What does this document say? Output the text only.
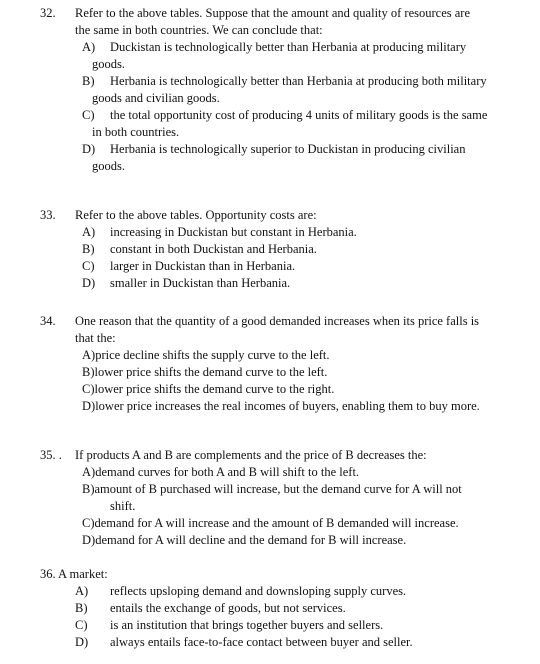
32. Refer to the above tables. Suppose that the amount and quality of resources are
the same in both countries. We can conclude that:
A) Duckistan is technologically better than Herbania at producing military
goods.
B) Herbania is technologically better than Herbania at producing both military
goods and civilian goods.
C) the total opportunity cost of producing 4 units of military goods is the same
in both countries.
D) Herbania is technologically superior to Duckistan in producing civilian
goods.
33. Refer to the above tables. Opportunity costs are:
A) increasing in Duckistan but constant in Herbania.
B) constant in both Duckistan and Herbania.
C) larger in Duckistan than in Herbania.
D) smaller in Duckistan than Herbania.
34. One reason that the quantity of a good demanded increases when its price falls is
that the:
A)price decline shifts the supply curve to the left.
B)lower price shifts the demand curve to the left.
C)lower price shifts the demand curve to the right.
D)lower price increases the real incomes of buyers, enabling them to buy more.
35. . If products A and B are complements and the price of B decreases the:
A)demand curves for both A and B will shift to the left.
B)amount of B purchased will increase, but the demand curve for A will not
shift.
C)demand for A will increase and the amount of B demanded will increase.
D)demand for A will decline and the demand for B will increase.
36. A market:
A) reflects upsloping demand and downsloping supply curves.
B) entails the exchange of goods, but not services.
C) is an institution that brings together buyers and sellers.
D) always entails face-to-face contact between buyer and seller.
